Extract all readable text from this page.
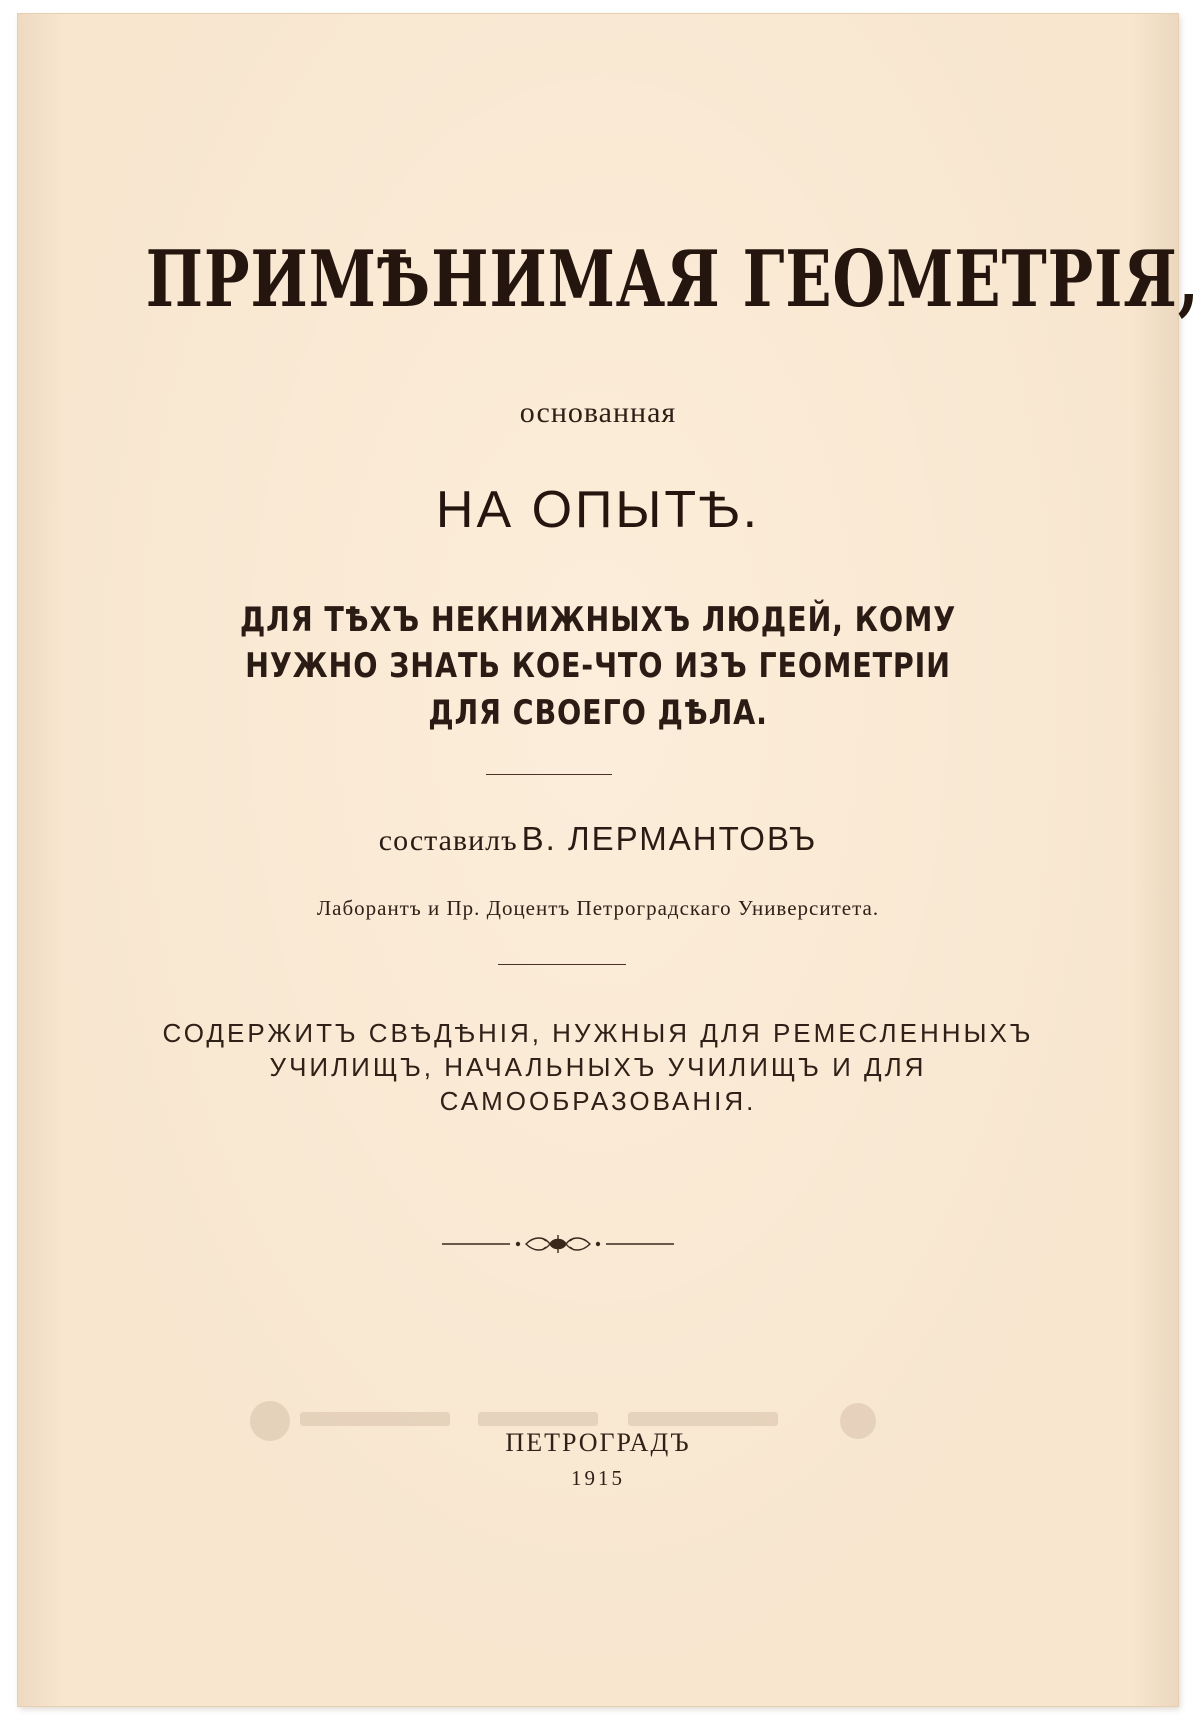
ПРИМѢНИМАЯ ГЕОМЕТРІЯ,
основанная
НА ОПЫТѢ.
ДЛЯ ТѢХЪ НЕКНИЖНЫХЪ ЛЮДЕЙ, КОМУ
НУЖНО ЗНАТЬ КОЕ-ЧТО ИЗЪ ГЕОМЕТРІИ
ДЛЯ СВОЕГО ДѢЛА.
составилъ В. ЛЕРМАНТОВЪ
Лаборантъ и Пр. Доцентъ Петроградскаго Университета.
СОДЕРЖИТЪ СВѢДѢНІЯ, НУЖНЫЯ ДЛЯ РЕМЕСЛЕННЫХЪ
УЧИЛИЩЪ, НАЧАЛЬНЫХЪ УЧИЛИЩЪ И ДЛЯ
САМООБРАЗОВАНІЯ.
ПЕТРОГРАДЪ
1915
